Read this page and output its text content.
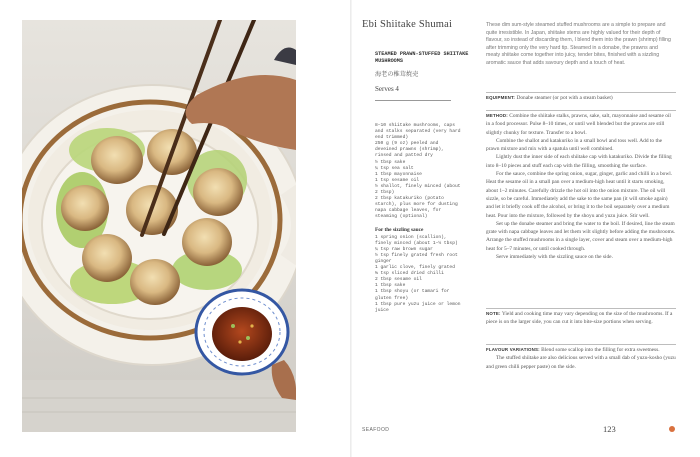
Ebi Shiitake Shumai
STEAMED PRAWN-STUFFED SHIITAKE MUSHROOMS
海老の椎茸焼売
Serves 4
8–10 shiitake mushrooms, caps and stalks separated (very hard end trimmed)
250 g (9 oz) peeled and deveined prawns (shrimp), rinsed and patted dry
½ tbsp sake
¼ tsp sea salt
1 tbsp mayonnaise
1 tsp sesame oil
½ shallot, finely minced (about 2 tbsp)
2 tbsp katakuriko (potato starch), plus more for dusting
napa cabbage leaves, for steaming (optional)
For the sizzling sauce
1 spring onion (scallion), finely minced (about 1–½ tbsp)
¼ tsp raw brown sugar
½ tsp finely grated fresh root ginger
1 garlic clove, finely grated
⅛ tsp sliced dried chilli
2 tbsp sesame oil
1 tbsp sake
1 tbsp shoyu (or tamari for gluten free)
1 tbsp pure yuzu juice or lemon juice
These dim sum-style steamed stuffed mushrooms are a simple to prepare and quite irresistible. In Japan, shiitake stems are highly valued for their depth of flavour, so instead of discarding them, I blend them into the prawn (shrimp) filling after trimming only the very hard tip. Steamed in a donabe, the prawns and meaty shiitake come together into juicy, tender bites, finished with a sizzling aromatic sauce that adds savoury depth and a touch of heat.

EQUIPMENT: Donabe steamer (or pot with a steam basket)

METHOD: Combine the shiitake stalks, prawns, sake, salt, mayonnaise and sesame oil in a food processor. Pulse 8–10 times, or until well blended but the prawns are still slightly chunky for texture. Transfer to a bowl.

Combine the shallot and katakuriko in a small bowl and toss well. Add to the prawn mixture and mix with a spatula until well combined.

Lightly dust the inner side of each shiitake cap with katakuriko. Divide the filling into 8–10 pieces and stuff each cap with the filling, smoothing the surface.

For the sauce, combine the spring onion, sugar, ginger, garlic and chilli in a bowl. Heat the sesame oil in a small pan over a medium-high heat until it starts smoking, about 1–2 minutes. Carefully drizzle the hot oil into the onion mixture. The oil will sizzle, so be careful. Immediately add the sake to the same pan (it will smoke again) and let it briefly cook off the alcohol, or bring it to the boil separately over a medium heat. Pour into the mixture, followed by the shoyu and yuzu juice. Stir well.

Set up the donabe steamer and bring the water to the boil. If desired, line the steam grate with napa cabbage leaves and let them wilt slightly before adding the mushrooms. Arrange the stuffed mushrooms in a single layer, cover and steam over a medium-high heat for 5–7 minutes, or until cooked through.

Serve immediately with the sizzling sauce on the side.

NOTE: Yield and cooking time may vary depending on the size of the mushrooms. If a piece is on the larger side, you can cut it into bite-size portions when serving.

FLAVOUR VARIATIONS: Blend some scallop into the filling for extra sweetness.

The stuffed shiitake are also delicious served with a small dab of yuzu-kosho (yuzu and green chilli pepper paste) on the side.

SEAFOOD	123
